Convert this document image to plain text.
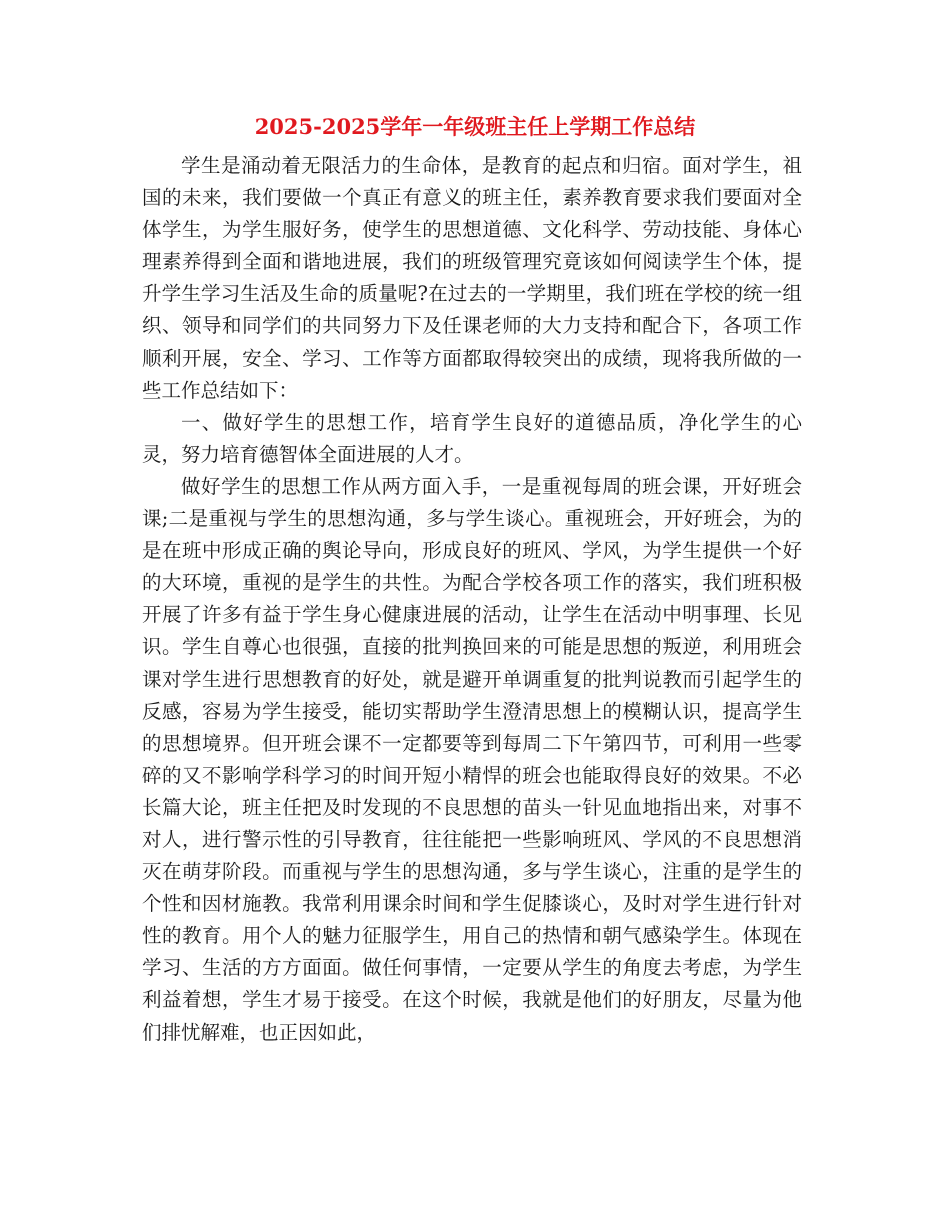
2025-2025学年一年级班主任上学期工作总结

学生是涌动着无限活力的生命体，是教育的起点和归宿。面对学生，祖国的未来，我们要做一个真正有意义的班主任，素养教育要求我们要面对全体学生，为学生服好务，使学生的思想道德、文化科学、劳动技能、身体心理素养得到全面和谐地进展，我们的班级管理究竟该如何阅读学生个体，提升学生学习生活及生命的质量呢?在过去的一学期里，我们班在学校的统一组织、领导和同学们的共同努力下及任课老师的大力支持和配合下，各项工作顺利开展，安全、学习、工作等方面都取得较突出的成绩，现将我所做的一些工作总结如下：

一、做好学生的思想工作，培育学生良好的道德品质，净化学生的心灵，努力培育德智体全面进展的人才。

做好学生的思想工作从两方面入手，一是重视每周的班会课，开好班会课;二是重视与学生的思想沟通，多与学生谈心。重视班会，开好班会，为的是在班中形成正确的舆论导向，形成良好的班风、学风，为学生提供一个好的大环境，重视的是学生的共性。为配合学校各项工作的落实，我们班积极开展了许多有益于学生身心健康进展的活动，让学生在活动中明事理、长见识。学生自尊心也很强，直接的批判换回来的可能是思想的叛逆，利用班会课对学生进行思想教育的好处，就是避开单调重复的批判说教而引起学生的反感，容易为学生接受，能切实帮助学生澄清思想上的模糊认识，提高学生的思想境界。但开班会课不一定都要等到每周二下午第四节，可利用一些零碎的又不影响学科学习的时间开短小精悍的班会也能取得良好的效果。不必长篇大论，班主任把及时发现的不良思想的苗头一针见血地指出来，对事不对人，进行警示性的引导教育，往往能把一些影响班风、学风的不良思想消灭在萌芽阶段。而重视与学生的思想沟通，多与学生谈心，注重的是学生的个性和因材施教。我常利用课余时间和学生促膝谈心，及时对学生进行针对性的教育。用个人的魅力征服学生，用自己的热情和朝气感染学生。体现在学习、生活的方方面面。做任何事情，一定要从学生的角度去考虑，为学生利益着想，学生才易于接受。在这个时候，我就是他们的好朋友，尽量为他们排忧解难，也正因如此，
